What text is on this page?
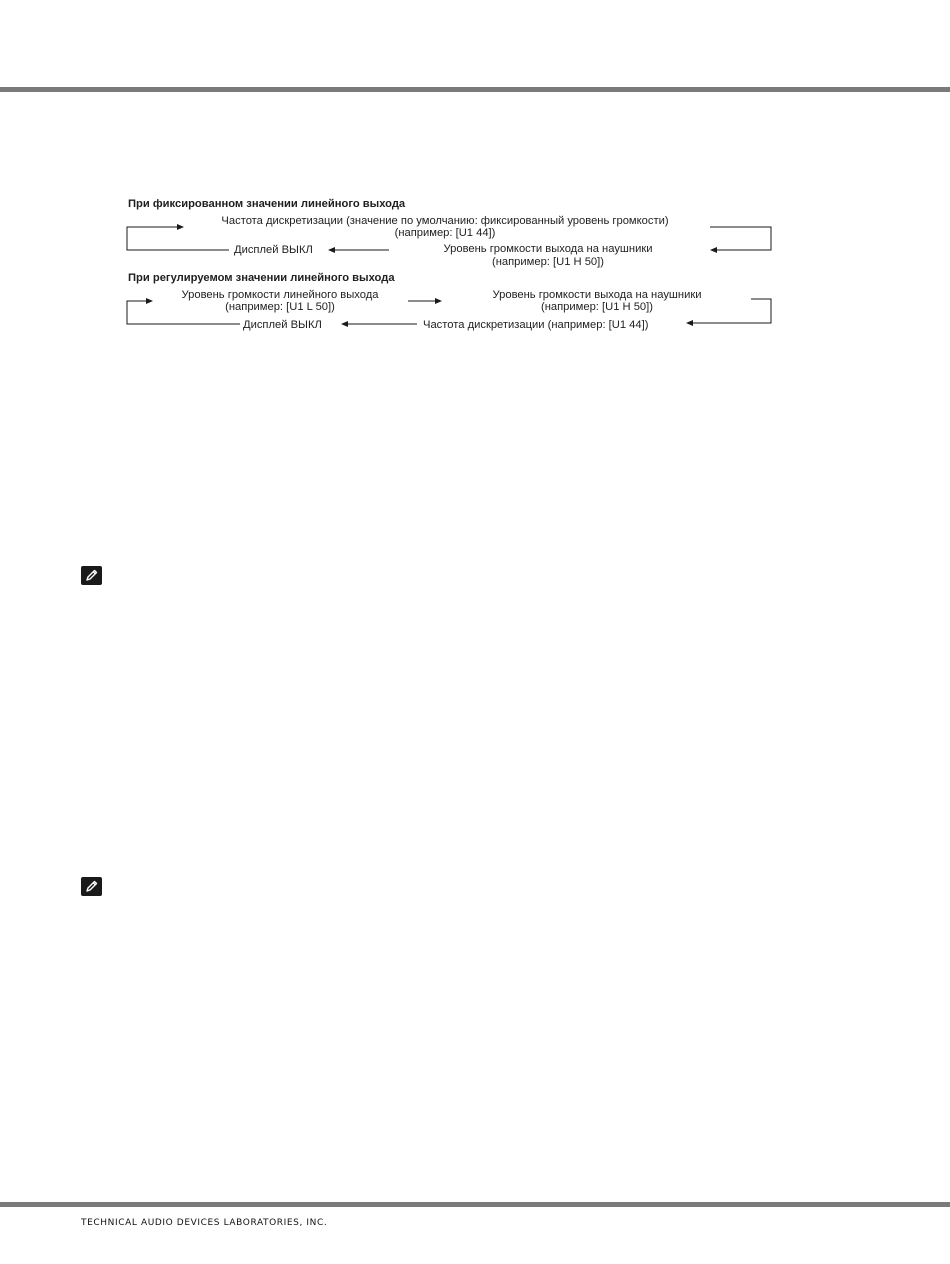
При фиксированном значении линейного выхода
Частота дискретизации (значение по умолчанию: фиксированный уровень громкости)
(например: [U1 44])
Дисплей ВЫКЛ	Уровень громкости выхода на наушники
(например: [U1 H 50])
При регулируемом значении линейного выхода
Уровень громкости линейного выхода
(например: [U1 L 50])
Уровень громкости выхода на наушники
(например: [U1 H 50])
Дисплей ВЫКЛ	Частота дискретизации (например: [U1 44])
TECHNICAL AUDIO DEVICES LABORATORIES, INC.
